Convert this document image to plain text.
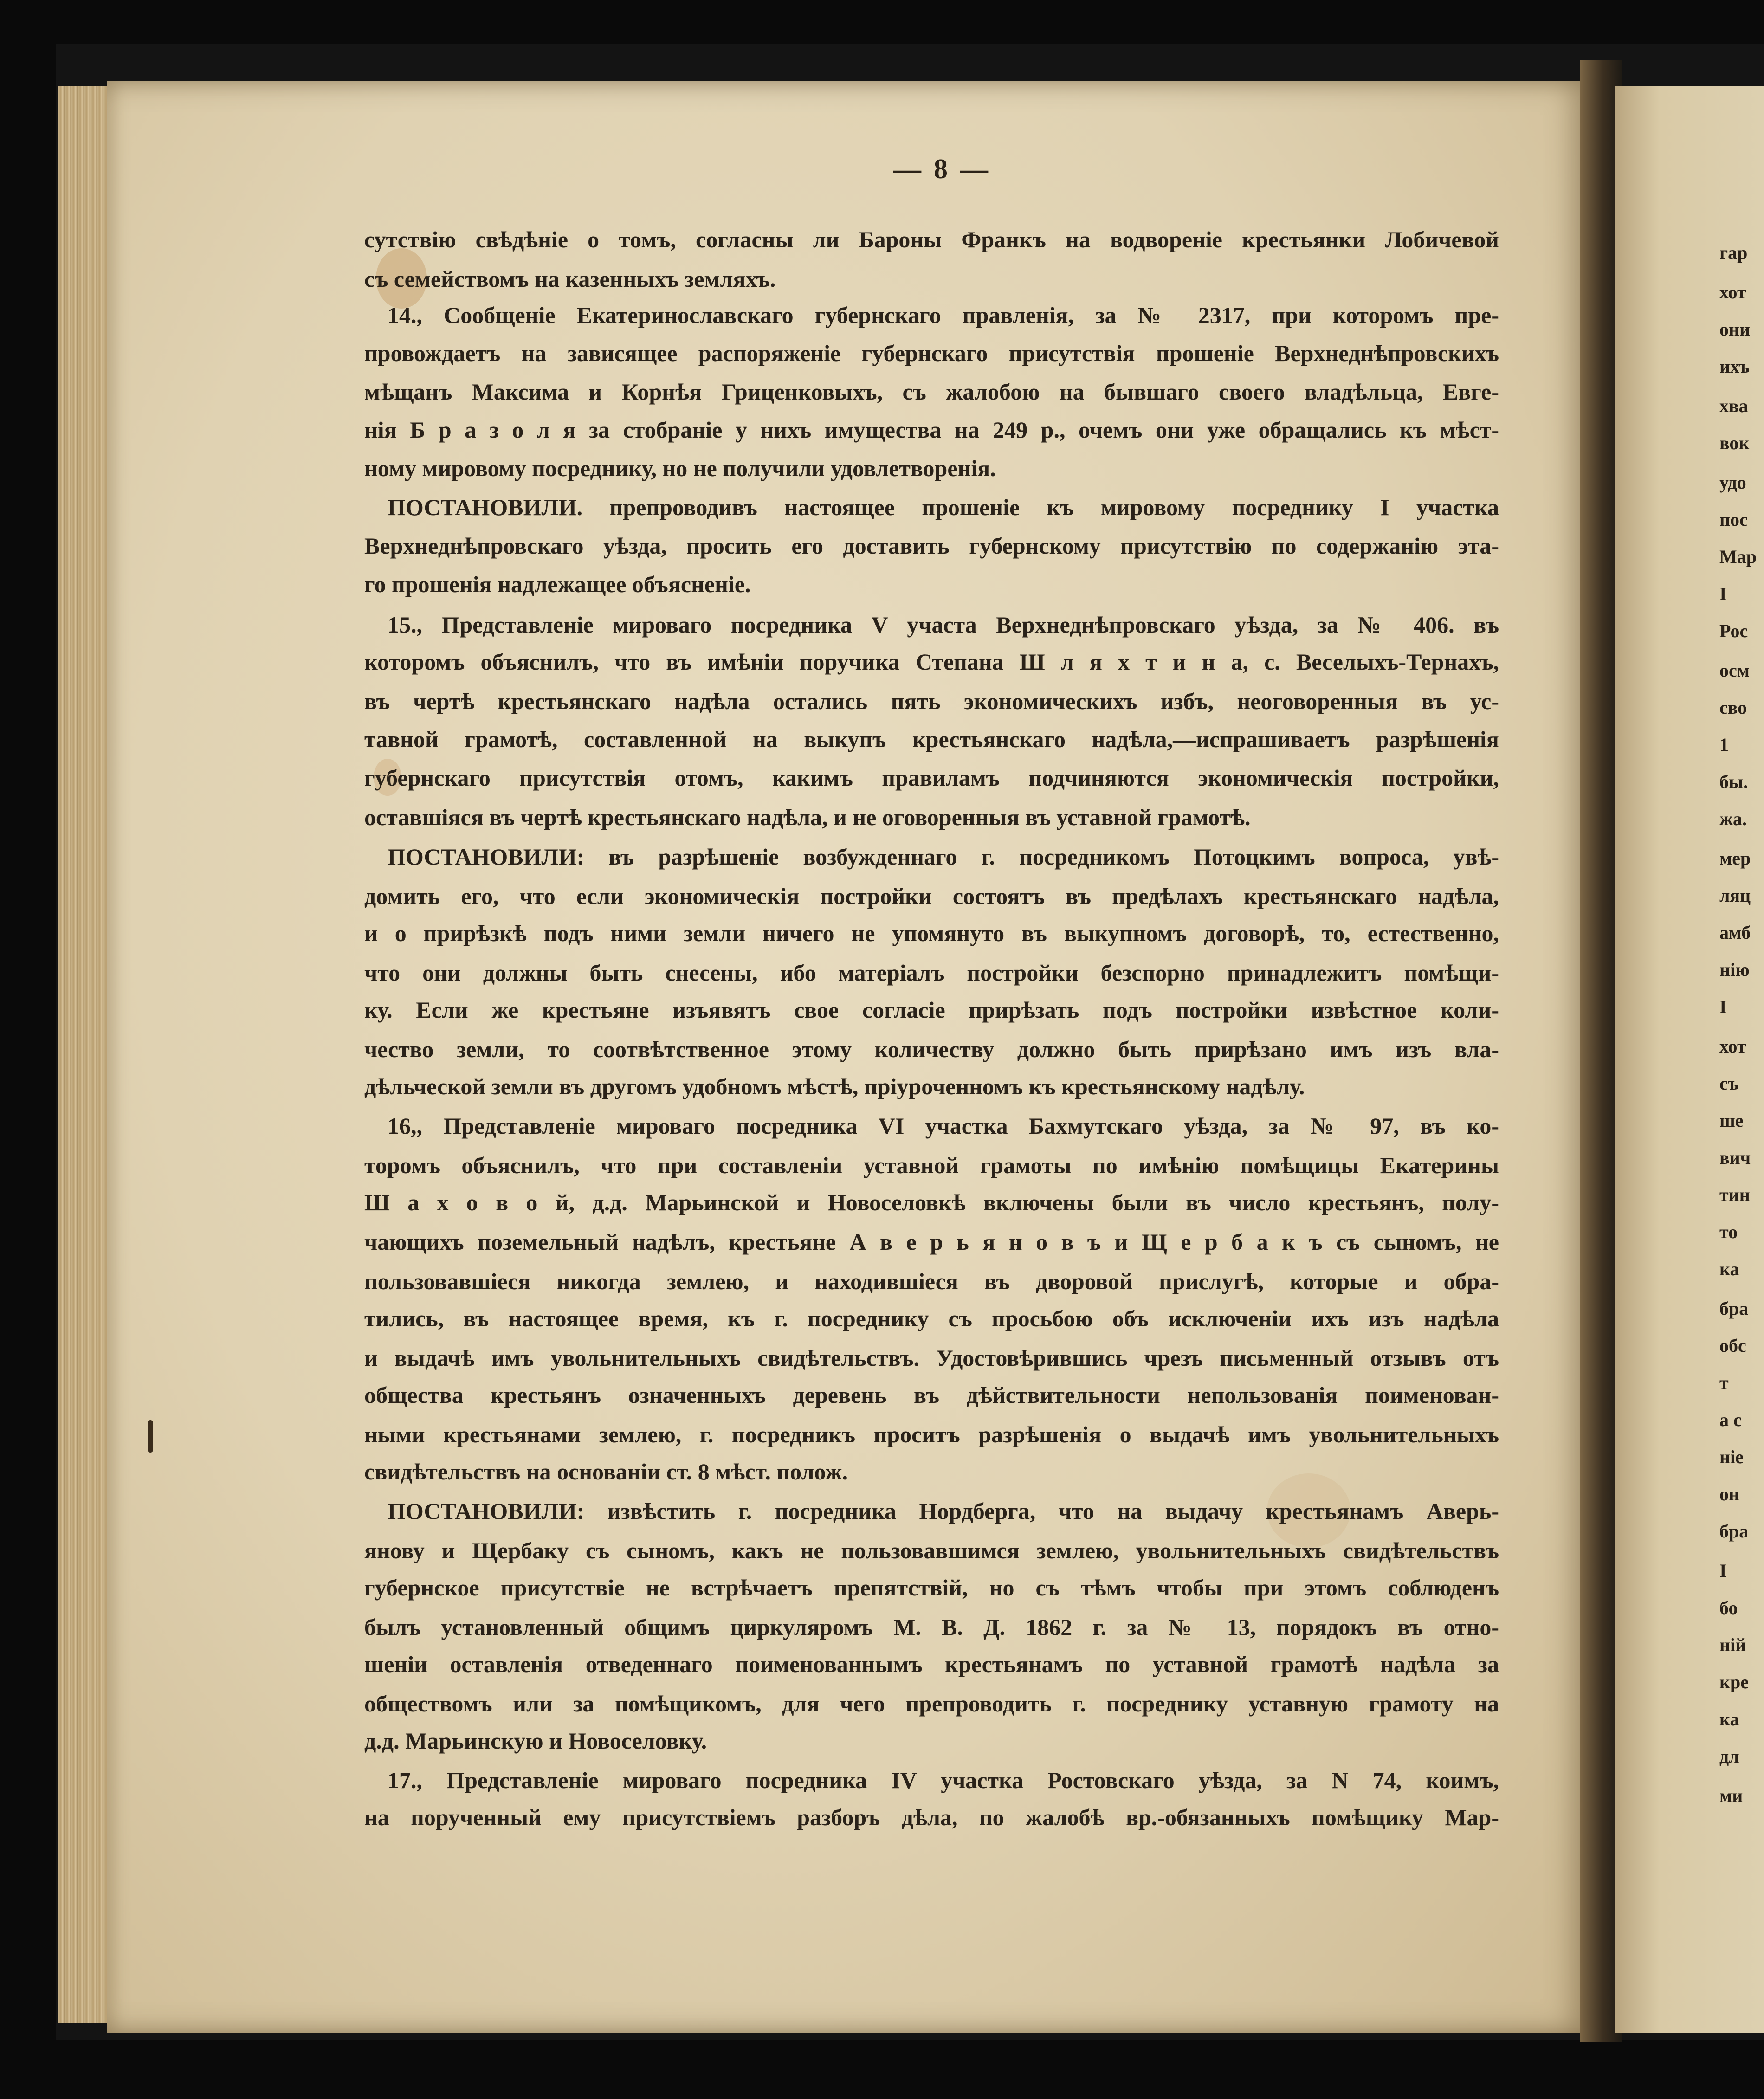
— 8 —
сутствію свѣдѣніе о томъ, согласны ли Бароны Франкъ на водвореніе крестьянки Лобичевой
съ семействомъ на казенныхъ земляхъ.
14., Сообщеніе Екатеринославскаго губернскаго правленія, за № 2317, при которомъ пре-
провождаетъ на зависящее распоряженіе губернскаго присутствія прошеніе Верхнеднѣпровскихъ
мѣщанъ Максима и Корнѣя Гриценковыхъ, съ жалобою на бывшаго своего владѣльца, Евге-
нія Б р а з о л я за стобраніе у нихъ имущества на 249 р., очемъ они уже обращались къ мѣст-
ному мировому посреднику, но не получили удовлетворенія.
ПОСТАНОВИЛИ. препроводивъ настоящее прошеніе къ мировому посреднику I участка
Верхнеднѣпровскаго уѣзда, просить его доставить губернскому присутствію по содержанію эта-
го прошенія надлежащее объясненіе.
15., Представленіе мироваго посредника V участа Верхнеднѣпровскаго уѣзда, за № 406. въ
которомъ объяснилъ, что въ имѣніи поручика Степана Ш л я х т и н а, с. Веселыхъ-Тернахъ,
въ чертѣ крестьянскаго надѣла остались пять экономическихъ избъ, неоговоренныя въ ус-
тавной грамотѣ, составленной на выкупъ крестьянскаго надѣла,—испрашиваетъ разрѣшенія
губернскаго присутствія отомъ, какимъ правиламъ подчиняются экономическія постройки,
оставшіяся въ чертѣ крестьянскаго надѣла, и не оговоренныя въ уставной грамотѣ.
ПОСТАНОВИЛИ: въ разрѣшеніе возбужденнаго г. посредникомъ Потоцкимъ вопроса, увѣ-
домить его, что если экономическія постройки состоятъ въ предѣлахъ крестьянскаго надѣла,
и о прирѣзкѣ подъ ними земли ничего не упомянуто въ выкупномъ договорѣ, то, естественно,
что они должны быть снесены, ибо матеріалъ постройки безспорно принадлежитъ помѣщи-
ку. Если же крестьяне изъявятъ свое согласіе прирѣзать подъ постройки извѣстное коли-
чество земли, то соотвѣтственное этому количеству должно быть прирѣзано имъ изъ вла-
дѣльческой земли въ другомъ удобномъ мѣстѣ, пріуроченномъ къ крестьянскому надѣлу.
16,, Представленіе мироваго посредника VI участка Бахмутскаго уѣзда, за № 97, въ ко-
торомъ объяснилъ, что при составленіи уставной грамоты по имѣнію помѣщицы Екатерины
Ш а х о в о й, д.д. Марьинской и Новоселовкѣ включены были въ число крестьянъ, полу-
чающихъ поземельный надѣлъ, крестьяне А в е р ь я н о в ъ и Щ е р б а к ъ съ сыномъ, не
пользовавшіеся никогда землею, и находившіеся въ дворовой прислугѣ, которые и обра-
тились, въ настоящее время, къ г. посреднику съ просьбою объ исключеніи ихъ изъ надѣла
и выдачѣ имъ увольнительныхъ свидѣтельствъ. Удостовѣрившись чрезъ письменный отзывъ отъ
общества крестьянъ означенныхъ деревень въ дѣйствительности непользованія поименован-
ными крестьянами землею, г. посредникъ проситъ разрѣшенія о выдачѣ имъ увольнительныхъ
свидѣтельствъ на основаніи ст. 8 мѣст. полож.
ПОСТАНОВИЛИ: извѣстить г. посредника Нордберга, что на выдачу крестьянамъ Аверь-
янову и Щербаку съ сыномъ, какъ не пользовавшимся землею, увольнительныхъ свидѣтельствъ
губернское присутствіе не встрѣчаетъ препятствій, но съ тѣмъ чтобы при этомъ соблюденъ
былъ установленный общимъ циркуляромъ М. В. Д. 1862 г. за № 13, порядокъ въ отно-
шеніи оставленія отведеннаго поименованнымъ крестьянамъ по уставной грамотѣ надѣла за
обществомъ или за помѣщикомъ, для чего препроводить г. посреднику уставную грамоту на
д.д. Марьинскую и Новоселовку.
17., Представленіе мироваго посредника IV участка Ростовскаго уѣзда, за N 74, коимъ,
на порученный ему присутствіемъ разборъ дѣла, по жалобѣ вр.-обязанныхъ помѣщику Мар-
гар
хот
они
ихъ
хва
вок
удо
пос
Мар
I
Рос
осм
сво
1
бы.
жа.
мер
ляц
амб
нію
I
хот
съ
ше
вич
тин
то
ка
бра
обс
т
а с
ніе
он
бра
I
бо
ній
кре
ка
дл
ми
